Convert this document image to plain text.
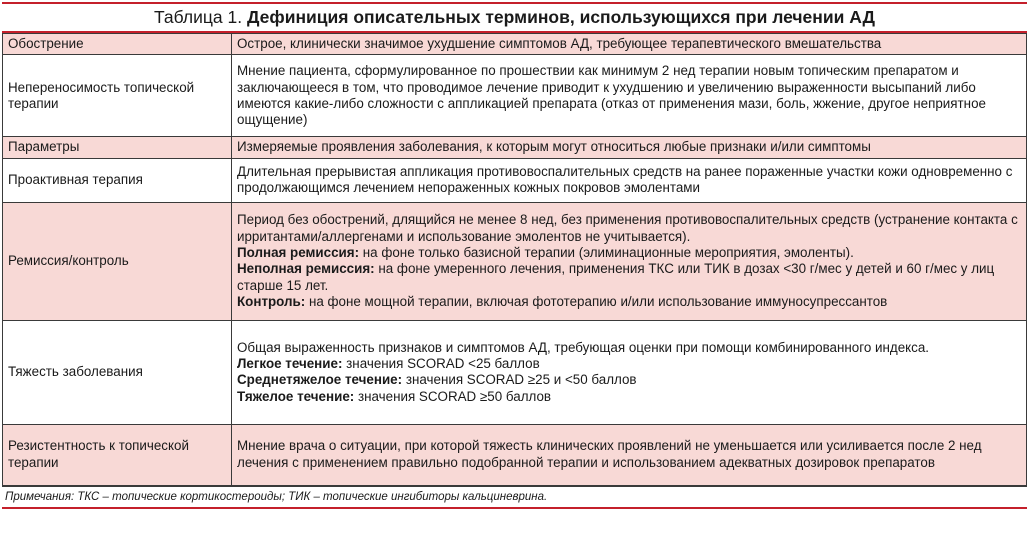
Таблица 1. Дефиниция описательных терминов, использующихся при лечении АД
Обострение	Острое, клинически значимое ухудшение симптомов АД, требующее терапевтического вмешательства
Непереносимость топической терапии	Мнение пациента, сформулированное по прошествии как минимум 2 нед терапии новым топическим препаратом и заключающееся в том, что проводимое лечение приводит к ухудшению и увеличению выраженности высыпаний либо имеются какие-либо сложности с аппликацией препарата (отказ от применения мази, боль, жжение, другое неприятное ощущение)
Параметры	Измеряемые проявления заболевания, к которым могут относиться любые признаки и/или симптомы
Проактивная терапия	Длительная прерывистая аппликация противовоспалительных средств на ранее пораженные участки кожи одновременно с продолжающимся лечением непораженных кожных покровов эмолентами
Ремиссия/контроль	Период без обострений, длящийся не менее 8 нед, без применения противовоспалительных средств (устранение контакта с ирритантами/аллергенами и использование эмолентов не учитывается).
Полная ремиссия: на фоне только базисной терапии (элиминационные мероприятия, эмоленты).
Неполная ремиссия: на фоне умеренного лечения, применения ТКС или ТИК в дозах <30 г/мес у детей и 60 г/мес у лиц старше 15 лет.
Контроль: на фоне мощной терапии, включая фототерапию и/или использование иммуносупрессантов

Тяжесть заболевания	Общая выраженность признаков и симптомов АД, требующая оценки при помощи комбинированного индекса.
Легкое течение: значения SCORAD <25 баллов
Среднетяжелое течение: значения SCORAD ≥25 и <50 баллов
Тяжелое течение: значения SCORAD ≥50 баллов

Резистентность к топической терапии	Мнение врача о ситуации, при которой тяжесть клинических проявлений не уменьшается или усиливается после 2 нед лечения с применением правильно подобранной терапии и использованием адекватных дозировок препаратов
Примечания: ТКС – топические кортикостероиды; ТИК – топические ингибиторы кальциневрина.
